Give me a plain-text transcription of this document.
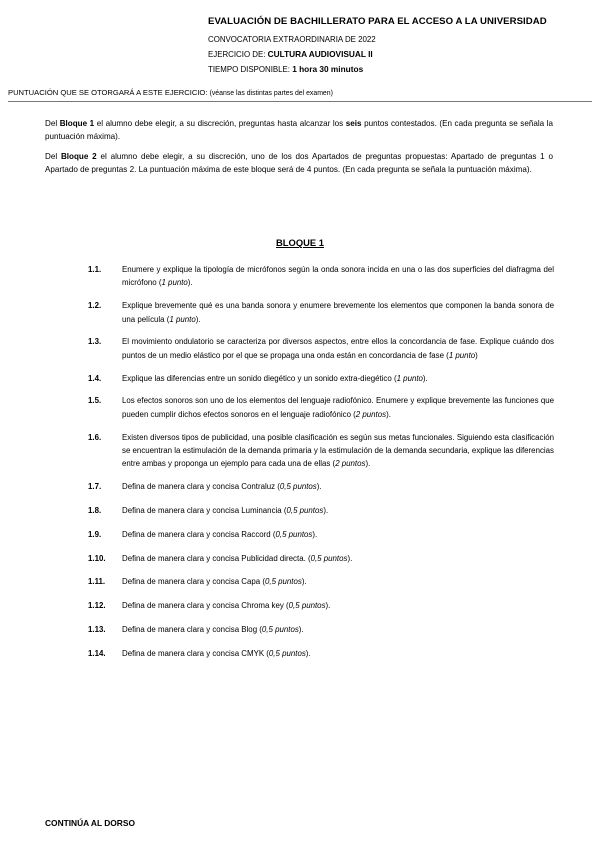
EVALUACIÓN DE BACHILLERATO PARA EL ACCESO A LA UNIVERSIDAD
CONVOCATORIA EXTRAORDINARIA DE 2022
EJERCICIO DE: CULTURA AUDIOVISUAL II
TIEMPO DISPONIBLE: 1 hora 30 minutos
PUNTUACIÓN QUE SE OTORGARÁ A ESTE EJERCICIO: (véanse las distintas partes del examen)

Del Bloque 1 el alumno debe elegir, a su discreción, preguntas hasta alcanzar los seis puntos contestados. (En cada pregunta se señala la puntuación máxima).

Del Bloque 2 el alumno debe elegir, a su discreción, uno de los dos Apartados de preguntas propuestas: Apartado de preguntas 1 o Apartado de preguntas 2. La puntuación máxima de este bloque será de 4 puntos. (En cada pregunta se señala la puntuación máxima).

BLOQUE 1
1.1.	Enumere y explique la tipología de micrófonos según la onda sonora incida en una o las dos superficies del diafragma del micrófono (1 punto).
1.2.	Explique brevemente qué es una banda sonora y enumere brevemente los elementos que componen la banda sonora de una película (1 punto).
1.3.	El movimiento ondulatorio se caracteriza por diversos aspectos, entre ellos la concordancia de fase. Explique cuándo dos puntos de un medio elástico por el que se propaga una onda están en concordancia de fase (1 punto)
1.4.	Explique las diferencias entre un sonido diegético y un sonido extra-diegético (1 punto).
1.5.	Los efectos sonoros son uno de los elementos del lenguaje radiofónico. Enumere y explique brevemente las funciones que pueden cumplir dichos efectos sonoros en el lenguaje radiofónico (2 puntos).
1.6.	Existen diversos tipos de publicidad, una posible clasificación es según sus metas funcionales. Siguiendo esta clasificación se encuentran la estimulación de la demanda primaria y la estimulación de la demanda secundaria, explique las diferencias entre ambas y proponga un ejemplo para cada una de ellas (2 puntos).
1.7.	Defina de manera clara y concisa Contraluz (0,5 puntos).
1.8.	Defina de manera clara y concisa Luminancia (0,5 puntos).
1.9.	Defina de manera clara y concisa Raccord (0,5 puntos).
1.10.	Defina de manera clara y concisa Publicidad directa. (0,5 puntos).
1.11.	Defina de manera clara y concisa Capa (0,5 puntos).
1.12.	Defina de manera clara y concisa Chroma key (0,5 puntos).
1.13.	Defina de manera clara y concisa Blog (0,5 puntos).
1.14.	Defina de manera clara y concisa CMYK (0,5 puntos).
CONTINÚA AL DORSO
